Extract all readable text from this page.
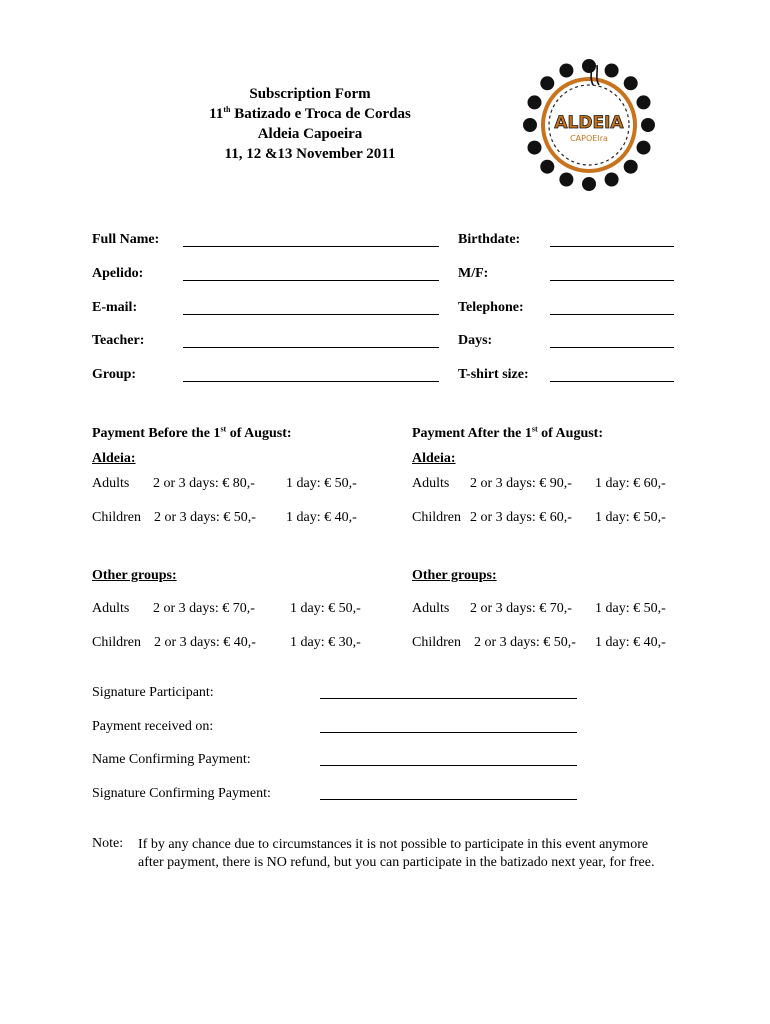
Subscription Form
11th Batizado e Troca de Cordas
Aldeia Capoeira
11, 12 &13 November 2011
ALDEIA
CAPOEIra
Full Name:	Birthdate:
Apelido:	M/F:
E-mail:	Telephone:
Teacher:	Days:
Group:	T-shirt size:
Payment Before the 1st of August:
Aldeia:
Adults 2 or 3 days: € 80,- 1 day: € 50,-
Children 2 or 3 days: € 50,- 1 day: € 40,-
Other groups:
Adults 2 or 3 days: € 70,-	1 day: € 50,-
Children 2 or 3 days: € 40,- 1 day: € 30,-
Payment After the 1st of August:
Aldeia:
Adults 2 or 3 days: € 90,- 1 day: € 60,-
Children 2 or 3 days: € 60,- 1 day: € 50,-
Other groups:
Adults 2 or 3 days: € 70,- 1 day: € 50,-
Children 2 or 3 days: € 50,- 1 day: € 40,-
Signature Participant:
Payment received on:
Name Confirming Payment:
Signature Confirming Payment:
Note: If by any chance due to circumstances it is not possible to participate in this event anymore after payment, there is NO refund, but you can participate in the batizado next year, for free.
